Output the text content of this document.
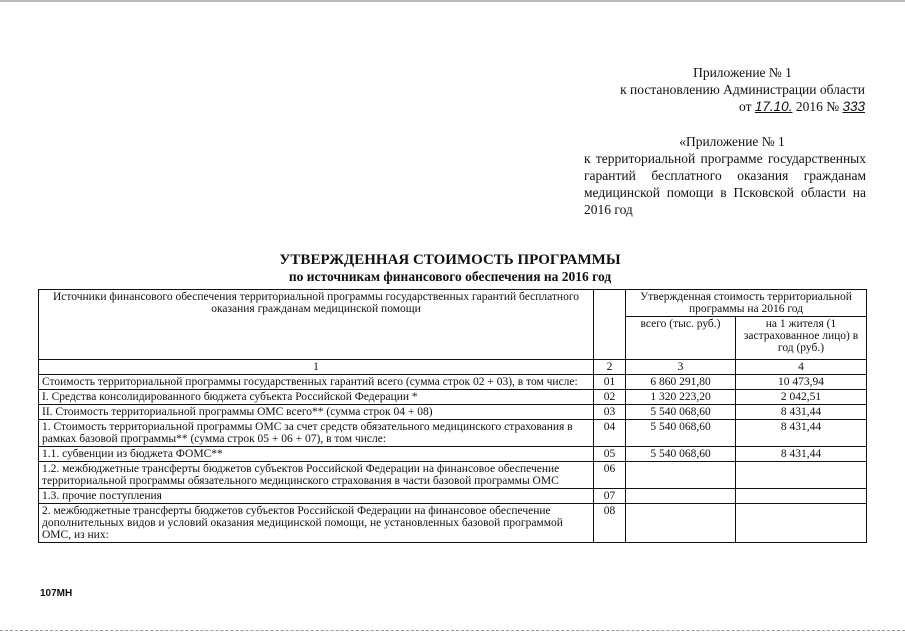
Приложение № 1
к постановлению Администрации области
от 17.10. 2016 № 333
«Приложение № 1
к территориальной программе государственных гарантий бесплатного оказания гражданам медицинской помощи в Псковской области на 2016 год
УТВЕРЖДЕННАЯ СТОИМОСТЬ ПРОГРАММЫ
по источникам финансового обеспечения на 2016 год
Источники финансового обеспечения территориальной программы государственных гарантий бесплатного оказания гражданам медицинской помощи		Утвержденная стоимость территориальной программы на 2016 год	
		всего (тыс. руб.)	на 1 жителя (1 застрахованное лицо) в год (руб.)
1	2	3	4
Стоимость территориальной программы государственных гарантий всего (сумма строк 02 + 03), в том числе:	01	6 860 291,80	10 473,94
I. Средства консолидированного бюджета субъекта Российской Федерации *	02	1 320 223,20	2 042,51
II. Стоимость территориальной программы ОМС всего** (сумма строк 04 + 08)	03	5 540 068,60	8 431,44
1. Стоимость территориальной программы ОМС за счет средств обязательного медицинского страхования в рамках базовой программы** (сумма строк 05 + 06 + 07), в том числе:	04	5 540 068,60	8 431,44
1.1. субвенции из бюджета ФОМС**	05	5 540 068,60	8 431,44
1.2. межбюджетные трансферты бюджетов субъектов Российской Федерации на финансовое обеспечение территориальной программы обязательного медицинского страхования в части базовой программы ОМС	06		
1.3. прочие поступления	07		
2. межбюджетные трансферты бюджетов субъектов Российской Федерации на финансовое обеспечение дополнительных видов и условий оказания медицинской помощи, не установленных базовой программой ОМС, из них:	08		
107МН
